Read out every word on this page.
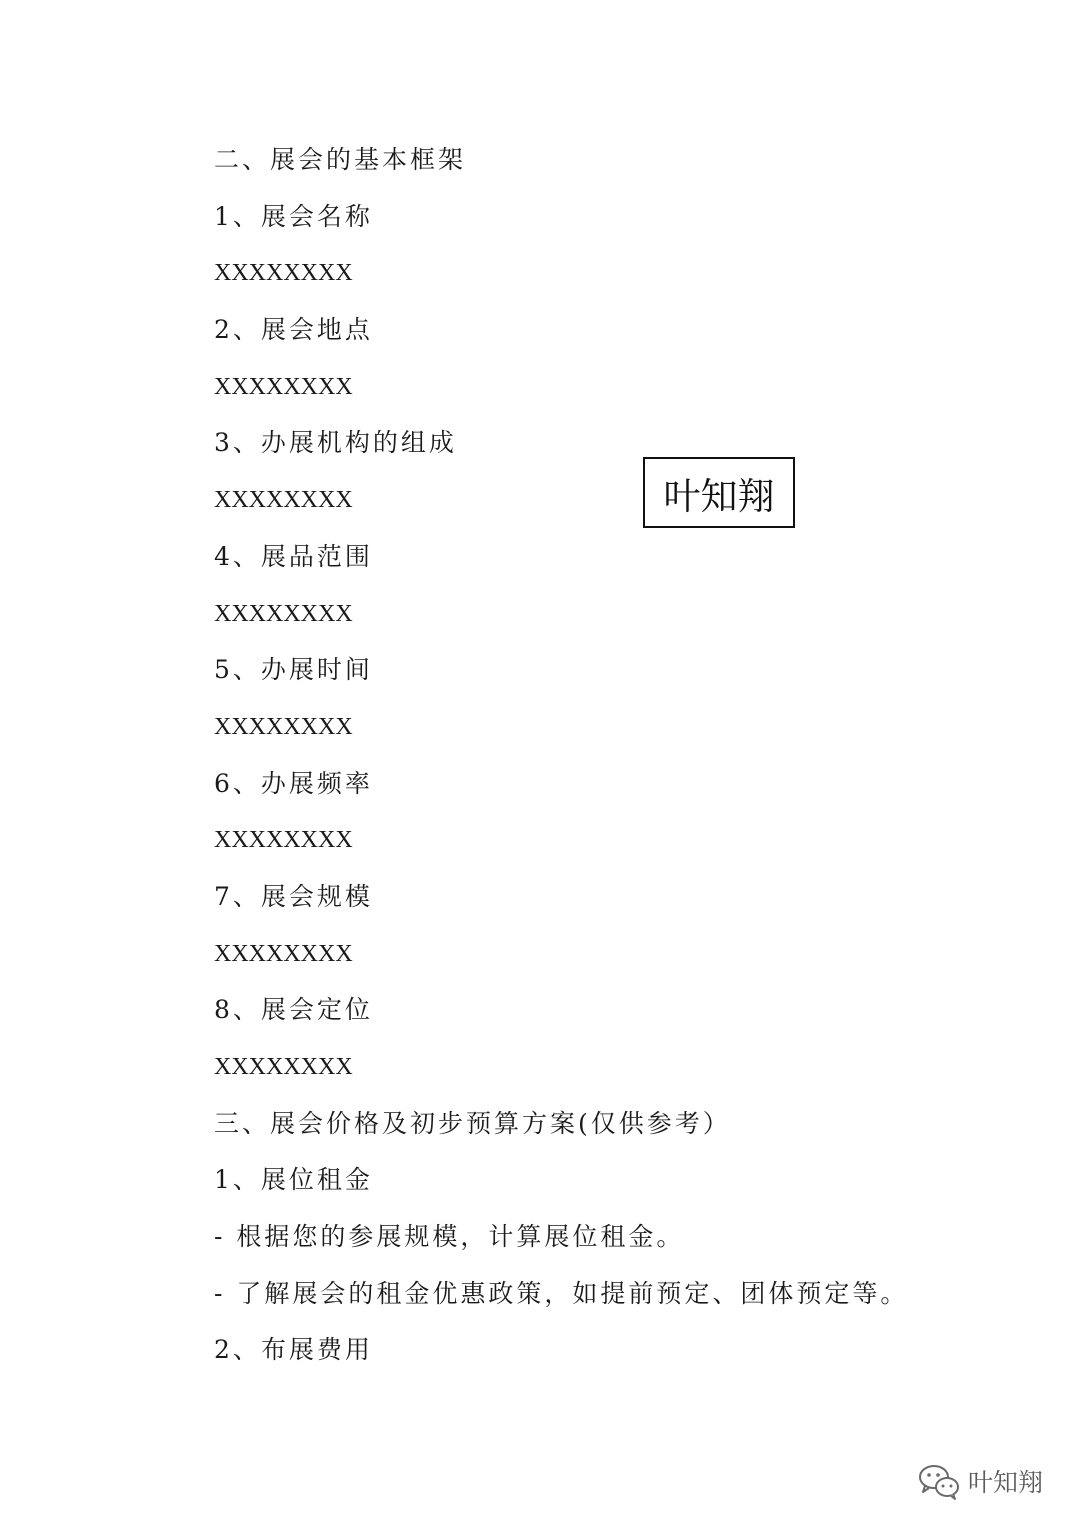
二、展会的基本框架
1、展会名称
XXXXXXXX
2、展会地点
XXXXXXXX
3、办展机构的组成
XXXXXXXX
4、展品范围
XXXXXXXX
5、办展时间
XXXXXXXX
6、办展频率
XXXXXXXX
7、展会规模
XXXXXXXX
8、展会定位
XXXXXXXX
三、展会价格及初步预算方案(仅供参考）
1、展位租金
- 根据您的参展规模，计算展位租金。
- 了解展会的租金优惠政策，如提前预定、团体预定等。
2、布展费用
叶知翔
叶知翔
